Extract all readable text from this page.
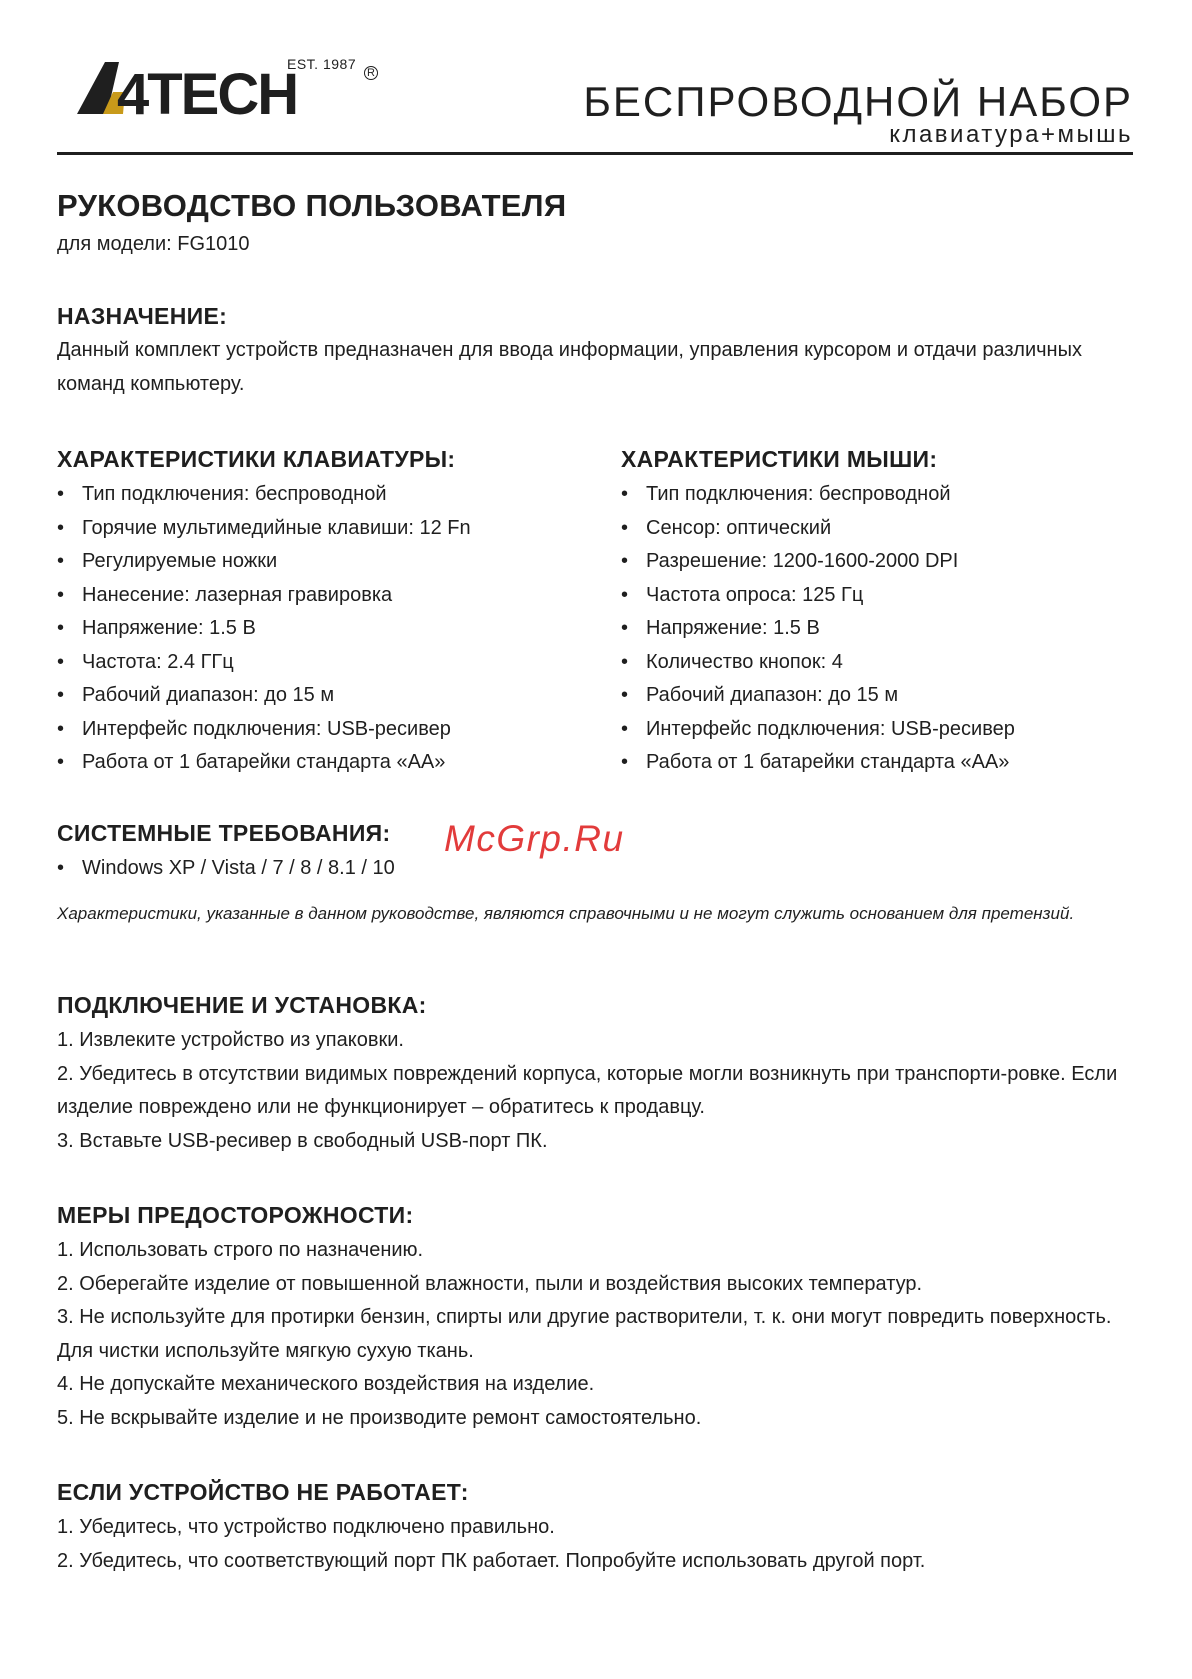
4TECH
EST. 1987
R
БЕСПРОВОДНОЙ НАБОР
клавиатура+мышь
РУКОВОДСТВО ПОЛЬЗОВАТЕЛЯ

для модели: FG1010

НАЗНАЧЕНИЕ:

Данный комплект устройств предназначен для ввода информации, управления курсором и отдачи различных команд компьютеру.

ХАРАКТЕРИСТИКИ КЛАВИАТУРЫ:
• Тип подключения: беспроводной
• Горячие мультимедийные клавиши: 12 Fn
• Регулируемые ножки
• Нанесение: лазерная гравировка
• Напряжение: 1.5 В
• Частота: 2.4 ГГц
• Рабочий диапазон: до 15 м
• Интерфейс подключения: USB-ресивер
• Работа от 1 батарейки стандарта «АА»
ХАРАКТЕРИСТИКИ МЫШИ:
• Тип подключения: беспроводной
• Сенсор: оптический
• Разрешение: 1200-1600-2000 DPI
• Частота опроса: 125 Гц
• Напряжение: 1.5 В
• Количество кнопок: 4
• Рабочий диапазон: до 15 м
• Интерфейс подключения: USB-ресивер
• Работа от 1 батарейки стандарта «АА»
СИСТЕМНЫЕ ТРЕБОВАНИЯ:
• Windows XP / Vista / 7 / 8 / 8.1 / 10

Характеристики, указанные в данном руководстве, являются справочными и не могут служить основанием для претензий.

ПОДКЛЮЧЕНИЕ И УСТАНОВКА:

1. Извлеките устройство из упаковки.

2. Убедитесь в отсутствии видимых повреждений корпуса, которые могли возникнуть при транспорти-ровке. Если изделие повреждено или не функционирует – обратитесь к продавцу.

3. Вставьте USB-ресивер в свободный USB-порт ПК.

МЕРЫ ПРЕДОСТОРОЖНОСТИ:

1. Использовать строго по назначению.

2. Оберегайте изделие от повышенной влажности, пыли и воздействия высоких температур.

3. Не используйте для протирки бензин, спирты или другие растворители, т. к. они могут повредить поверхность. Для чистки используйте мягкую сухую ткань.

4. Не допускайте механического воздействия на изделие.

5. Не вскрывайте изделие и не производите ремонт самостоятельно.

ЕСЛИ УСТРОЙСТВО НЕ РАБОТАЕТ:

1. Убедитесь, что устройство подключено правильно.

2. Убедитесь, что соответствующий порт ПК работает. Попробуйте использовать другой порт.

McGrp.Ru
